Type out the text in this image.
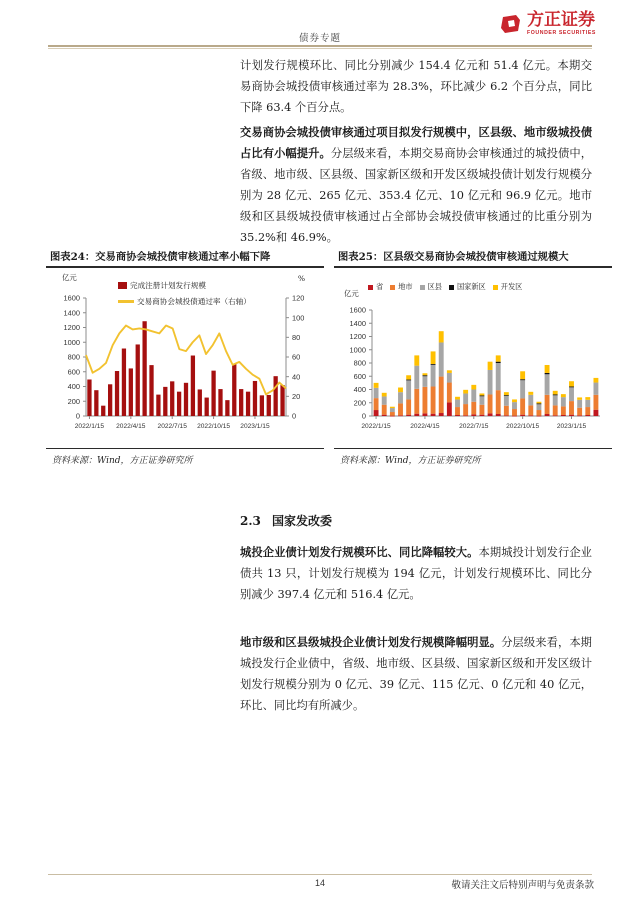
债券专题
方正证券
FOUNDER SECURITIES
计划发行规模环比、同比分别减少 154.4 亿元和 51.4 亿元。本期交易商协会城投债审核通过率为 28.3%，环比减少 6.2 个百分点，同比下降 63.4 个百分点。
交易商协会城投债审核通过项目拟发行规模中，区县级、地市级城投债占比有小幅提升。分层级来看，本期交易商协会审核通过的城投债中，省级、地市级、区县级、国家新区级和开发区级城投债计划发行规模分别为 28 亿元、265 亿元、353.4 亿元、10 亿元和 96.9 亿元。地市级和区县级城投债审核通过占全部协会城投债审核通过的比重分别为 35.2%和 46.9%。
图表24：交易商协会城投债审核通过率小幅下降
完成注册计划发行规模
交易商协会城投债通过率（右轴）
亿元	%
0
200
400
600
800
1000
1200
1400
1600
0
20
40
60
80
100
120
2022/1/15 2022/4/15 2022/7/15 2022/10/15 2023/1/15
资料来源：Wind，方正证券研究所
图表25：区县级交易商协会城投债审核通过规模大
省 地市 区县 国家新区 开发区
亿元
0
200
400
600
800
1000
1200
1400
1600
2022/1/15	2022/4/15	2022/7/15	2022/10/15	2023/1/15
资料来源：Wind，方正证券研究所
2.3 国家发改委
城投企业债计划发行规模环比、同比降幅较大。本期城投计划发行企业债共 13 只，计划发行规模为 194 亿元，计划发行规模环比、同比分别减少 397.4 亿元和 516.4 亿元。
地市级和区县级城投企业债计划发行规模降幅明显。分层级来看，本期城投发行企业债中，省级、地市级、区县级、国家新区级和开发区级计划发行规模分别为 0 亿元、39 亿元、115 亿元、0 亿元和 40 亿元，环比、同比均有所减少。
14	敬请关注文后特别声明与免责条款
